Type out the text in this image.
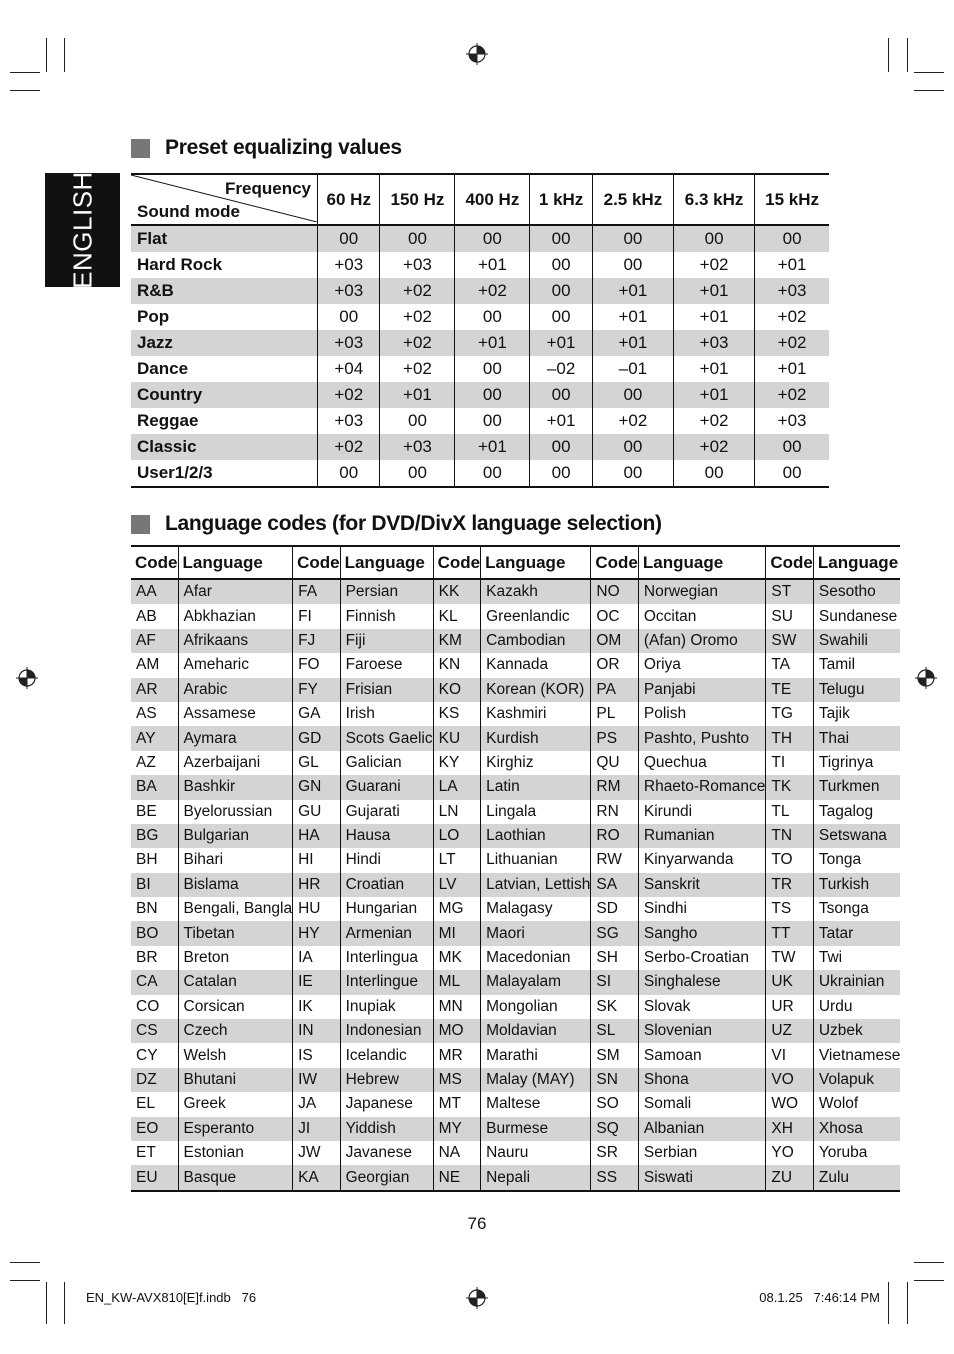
ENGLISH
Preset equalizing values
Frequency
Sound mode	60 Hz	150 Hz	400 Hz	1 kHz	2.5 kHz	6.3 kHz	15 kHz
Flat	00	00	00	00	00	00	00
Hard Rock	+03	+03	+01	00	00	+02	+01
R&B	+03	+02	+02	00	+01	+01	+03
Pop	00	+02	00	00	+01	+01	+02
Jazz	+03	+02	+01	+01	+01	+03	+02
Dance	+04	+02	00	–02	–01	+01	+01
Country	+02	+01	00	00	00	+01	+02
Reggae	+03	00	00	+01	+02	+02	+03
Classic	+02	+03	+01	00	00	+02	00
User1/2/3	00	00	00	00	00	00	00
Language codes (for DVD/DivX language selection)
Code	Language	Code	Language	Code	Language	Code	Language	Code	Language
AA	Afar	FA	Persian	KK	Kazakh	NO	Norwegian	ST	Sesotho
AB	Abkhazian	FI	Finnish	KL	Greenlandic	OC	Occitan	SU	Sundanese
AF	Afrikaans	FJ	Fiji	KM	Cambodian	OM	(Afan) Oromo	SW	Swahili
AM	Ameharic	FO	Faroese	KN	Kannada	OR	Oriya	TA	Tamil
AR	Arabic	FY	Frisian	KO	Korean (KOR)	PA	Panjabi	TE	Telugu
AS	Assamese	GA	Irish	KS	Kashmiri	PL	Polish	TG	Tajik
AY	Aymara	GD	Scots Gaelic	KU	Kurdish	PS	Pashto, Pushto	TH	Thai
AZ	Azerbaijani	GL	Galician	KY	Kirghiz	QU	Quechua	TI	Tigrinya
BA	Bashkir	GN	Guarani	LA	Latin	RM	Rhaeto-Romance	TK	Turkmen
BE	Byelorussian	GU	Gujarati	LN	Lingala	RN	Kirundi	TL	Tagalog
BG	Bulgarian	HA	Hausa	LO	Laothian	RO	Rumanian	TN	Setswana
BH	Bihari	HI	Hindi	LT	Lithuanian	RW	Kinyarwanda	TO	Tonga
BI	Bislama	HR	Croatian	LV	Latvian, Lettish	SA	Sanskrit	TR	Turkish
BN	Bengali, Bangla	HU	Hungarian	MG	Malagasy	SD	Sindhi	TS	Tsonga
BO	Tibetan	HY	Armenian	MI	Maori	SG	Sangho	TT	Tatar
BR	Breton	IA	Interlingua	MK	Macedonian	SH	Serbo-Croatian	TW	Twi
CA	Catalan	IE	Interlingue	ML	Malayalam	SI	Singhalese	UK	Ukrainian
CO	Corsican	IK	Inupiak	MN	Mongolian	SK	Slovak	UR	Urdu
CS	Czech	IN	Indonesian	MO	Moldavian	SL	Slovenian	UZ	Uzbek
CY	Welsh	IS	Icelandic	MR	Marathi	SM	Samoan	VI	Vietnamese
DZ	Bhutani	IW	Hebrew	MS	Malay (MAY)	SN	Shona	VO	Volapuk
EL	Greek	JA	Japanese	MT	Maltese	SO	Somali	WO	Wolof
EO	Esperanto	JI	Yiddish	MY	Burmese	SQ	Albanian	XH	Xhosa
ET	Estonian	JW	Javanese	NA	Nauru	SR	Serbian	YO	Yoruba
EU	Basque	KA	Georgian	NE	Nepali	SS	Siswati	ZU	Zulu
76
EN_KW-AVX810[E]f.indb   76	08.1.25   7:46:14 PM
